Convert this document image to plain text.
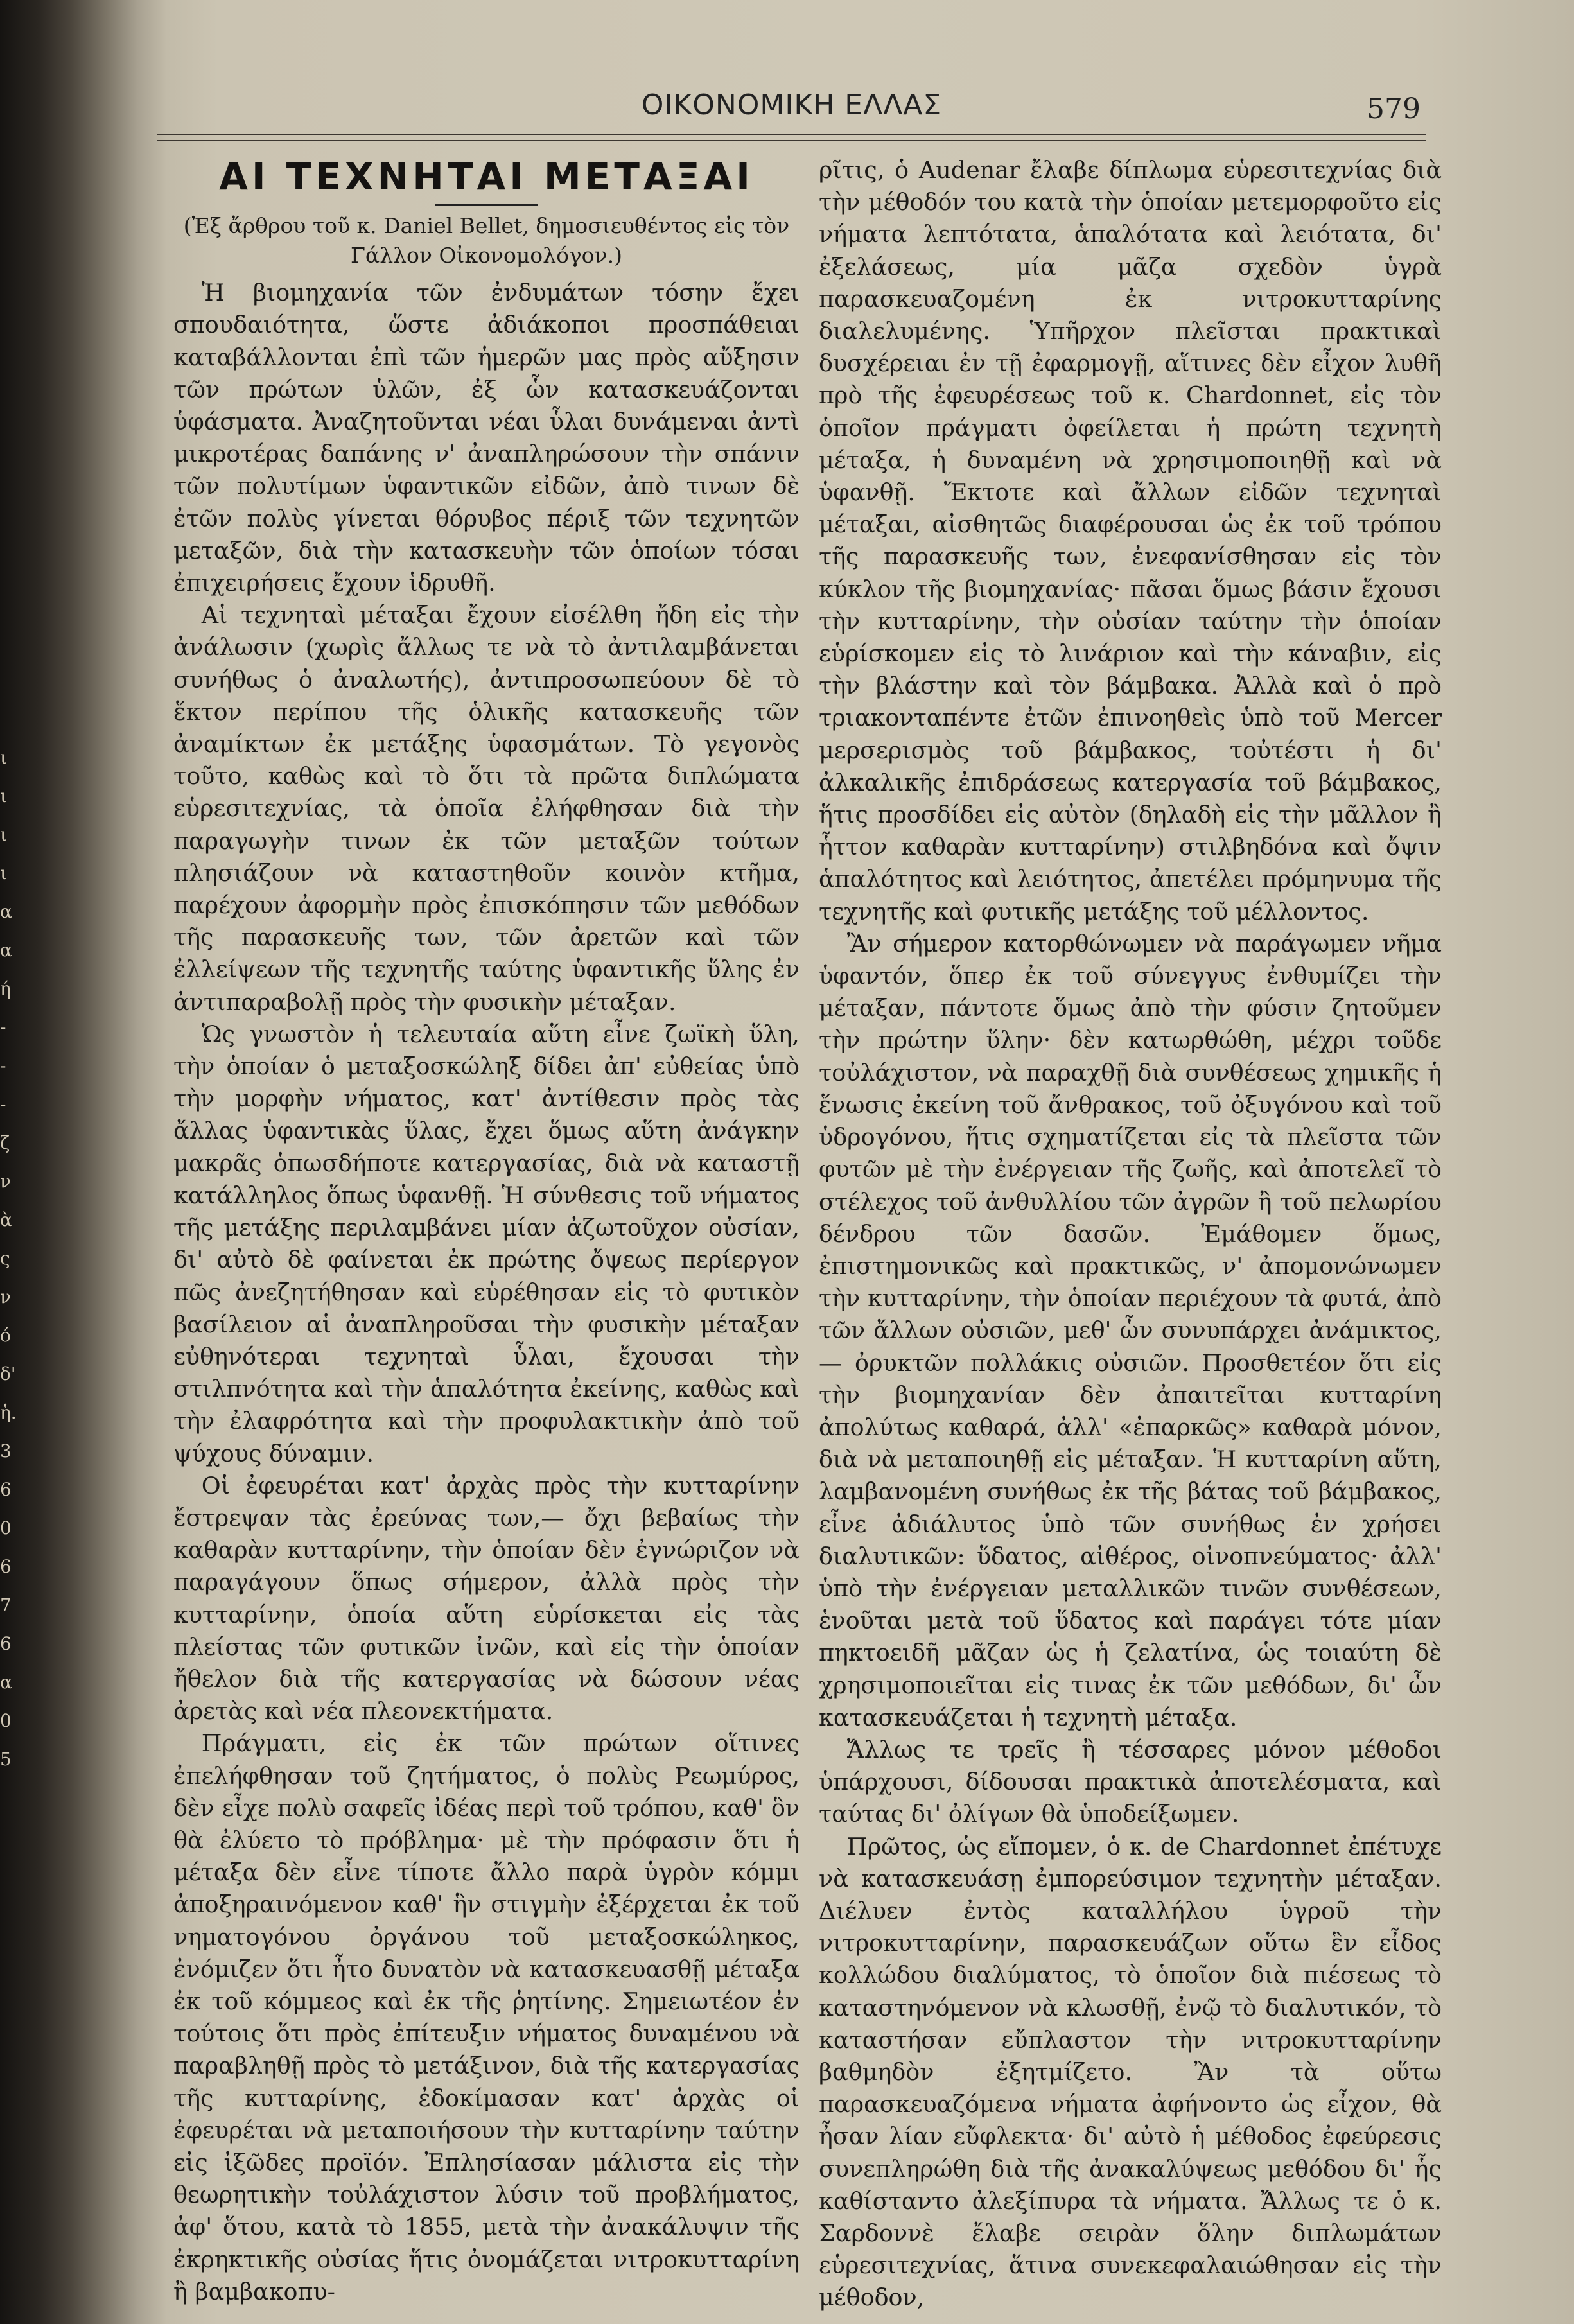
ι
ι
ι
ι
α
α
ή
-
-
-
ζ
ν
ὰ
ς
ν
ό
δ'
ἡ.
3
6
0
6
7
6
α
0
5
ΟΙΚΟΝΟΜΙΚΗ ΕΛΛΑΣ	579
ΑΙ ΤΕΧΝΗΤΑΙ ΜΕΤΑΞΑΙ
(Ἐξ ἄρθρου τοῦ κ. Daniel Bellet, δημοσιευθέντος εἰς τὸν Γάλλον Οἰκονομολόγον.)

Ἡ βιομηχανία τῶν ἐνδυμάτων τόσην ἔχει σπουδαιότητα, ὥστε ἀδιάκοποι προσπάθειαι καταβάλλονται ἐπὶ τῶν ἡμερῶν μας πρὸς αὔξησιν τῶν πρώτων ὑλῶν, ἐξ ὧν κατασκευάζονται ὑφάσματα. Ἀναζητοῦνται νέαι ὗλαι δυνάμεναι ἀντὶ μικροτέρας δαπάνης ν' ἀναπληρώσουν τὴν σπάνιν τῶν πολυτίμων ὑφαντικῶν εἰδῶν, ἀπὸ τινων δὲ ἐτῶν πολὺς γίνεται θόρυβος πέριξ τῶν τεχνητῶν μεταξῶν, διὰ τὴν κατασκευὴν τῶν ὁποίων τόσαι ἐπιχειρήσεις ἔχουν ἱδρυθῆ.

Αἱ τεχνηταὶ μέταξαι ἔχουν εἰσέλθη ἤδη εἰς τὴν ἀνάλωσιν (χωρὶς ἄλλως τε νὰ τὸ ἀντιλαμβάνεται συνήθως ὁ ἀναλωτής), ἀντιπροσωπεύουν δὲ τὸ ἕκτον περίπου τῆς ὁλικῆς κατασκευῆς τῶν ἀναμίκτων ἐκ μετάξης ὑφασμάτων. Τὸ γεγονὸς τοῦτο, καθὼς καὶ τὸ ὅτι τὰ πρῶτα διπλώματα εὑρεσιτεχνίας, τὰ ὁποῖα ἐλήφθησαν διὰ τὴν παραγωγὴν τινων ἐκ τῶν μεταξῶν τούτων πλησιάζουν νὰ καταστηθοῦν κοινὸν κτῆμα, παρέχουν ἀφορμὴν πρὸς ἐπισκόπησιν τῶν μεθόδων τῆς παρασκευῆς των, τῶν ἀρετῶν καὶ τῶν ἐλλείψεων τῆς τεχνητῆς ταύτης ὑφαντικῆς ὕλης ἐν ἀντιπαραβολῇ πρὸς τὴν φυσικὴν μέταξαν.

Ὡς γνωστὸν ἡ τελευταία αὕτη εἶνε ζωϊκὴ ὕλη, τὴν ὁποίαν ὁ μεταξοσκώληξ δίδει ἀπ' εὐθείας ὑπὸ τὴν μορφὴν νήματος, κατ' ἀντίθεσιν πρὸς τὰς ἄλλας ὑφαντικὰς ὕλας, ἔχει ὅμως αὕτη ἀνάγκην μακρᾶς ὁπωσδήποτε κατεργασίας, διὰ νὰ καταστῇ κατάλληλος ὅπως ὑφανθῇ. Ἡ σύνθεσις τοῦ νήματος τῆς μετάξης περιλαμβάνει μίαν ἀζωτοῦχον οὐσίαν, δι' αὐτὸ δὲ φαίνεται ἐκ πρώτης ὄψεως περίεργον πῶς ἀνεζητήθησαν καὶ εὑρέθησαν εἰς τὸ φυτικὸν βασίλειον αἱ ἀναπληροῦσαι τὴν φυσικὴν μέταξαν εὐθηνότεραι τεχνηταὶ ὗλαι, ἔχουσαι τὴν στιλπνότητα καὶ τὴν ἁπαλότητα ἐκείνης, καθὼς καὶ τὴν ἐλαφρότητα καὶ τὴν προφυλακτικὴν ἀπὸ τοῦ ψύχους δύναμιν.

Οἱ ἐφευρέται κατ' ἀρχὰς πρὸς τὴν κυτταρίνην ἔστρεψαν τὰς ἐρεύνας των,— ὄχι βεβαίως τὴν καθαρὰν κυτταρίνην, τὴν ὁποίαν δὲν ἐγνώριζον νὰ παραγάγουν ὅπως σήμερον, ἀλλὰ πρὸς τὴν κυτταρίνην, ὁποία αὕτη εὑρίσκεται εἰς τὰς πλείστας τῶν φυτικῶν ἰνῶν, καὶ εἰς τὴν ὁποίαν ἤθελον διὰ τῆς κατεργασίας νὰ δώσουν νέας ἀρετὰς καὶ νέα πλεονεκτήματα.

Πράγματι, εἰς ἐκ τῶν πρώτων οἵτινες ἐπελήφθησαν τοῦ ζητήματος, ὁ πολὺς Ρεωμύρος, δὲν εἶχε πολὺ σαφεῖς ἰδέας περὶ τοῦ τρόπου, καθ' ὃν θὰ ἐλύετο τὸ πρόβλημα· μὲ τὴν πρόφασιν ὅτι ἡ μέταξα δὲν εἶνε τίποτε ἄλλο παρὰ ὑγρὸν κόμμι ἀποξηραινόμενον καθ' ἣν στιγμὴν ἐξέρχεται ἐκ τοῦ νηματογόνου ὀργάνου τοῦ μεταξοσκώληκος, ἐνόμιζεν ὅτι ἦτο δυνατὸν νὰ κατασκευασθῇ μέταξα ἐκ τοῦ κόμμεος καὶ ἐκ τῆς ῥητίνης. Σημειωτέον ἐν τούτοις ὅτι πρὸς ἐπίτευξιν νήματος δυναμένου νὰ παραβληθῇ πρὸς τὸ μετάξινον, διὰ τῆς κατεργασίας τῆς κυτταρίνης, ἐδοκίμασαν κατ' ἀρχὰς οἱ ἐφευρέται νὰ μεταποιήσουν τὴν κυτταρίνην ταύτην εἰς ἰξῶδες προϊόν. Ἐπλησίασαν μάλιστα εἰς τὴν θεωρητικὴν τοὐλάχιστον λύσιν τοῦ προβλήματος, ἀφ' ὅτου, κατὰ τὸ 1855, μετὰ τὴν ἀνακάλυψιν τῆς ἐκρηκτικῆς οὐσίας ἥτις ὀνομάζεται νιτροκυτταρίνη ἢ βαμβακοπυ-

ρῖτις, ὁ Audenar ἔλαβε δίπλωμα εὑρεσιτεχνίας διὰ τὴν μέθοδόν του κατὰ τὴν ὁποίαν μετεμορφοῦτο εἰς νήματα λεπτότατα, ἁπαλότατα καὶ λειότατα, δι' ἐξελάσεως, μία μᾶζα σχεδὸν ὑγρὰ παρασκευαζομένη ἐκ νιτροκυτταρίνης διαλελυμένης. Ὑπῆρχον πλεῖσται πρακτικαὶ δυσχέρειαι ἐν τῇ ἐφαρμογῇ, αἵτινες δὲν εἶχον λυθῆ πρὸ τῆς ἐφευρέσεως τοῦ κ. Chardonnet, εἰς τὸν ὁποῖον πράγματι ὀφείλεται ἡ πρώτη τεχνητὴ μέταξα, ἡ δυναμένη νὰ χρησιμοποιηθῇ καὶ νὰ ὑφανθῇ. Ἔκτοτε καὶ ἄλλων εἰδῶν τεχνηταὶ μέταξαι, αἰσθητῶς διαφέρουσαι ὡς ἐκ τοῦ τρόπου τῆς παρασκευῆς των, ἐνεφανίσθησαν εἰς τὸν κύκλον τῆς βιομηχανίας· πᾶσαι ὅμως βάσιν ἔχουσι τὴν κυτταρίνην, τὴν οὐσίαν ταύτην τὴν ὁποίαν εὑρίσκομεν εἰς τὸ λινάριον καὶ τὴν κάναβιν, εἰς τὴν βλάστην καὶ τὸν βάμβακα. Ἀλλὰ καὶ ὁ πρὸ τριακονταπέντε ἐτῶν ἐπινοηθεὶς ὑπὸ τοῦ Mercer μερσερισμὸς τοῦ βάμβακος, τοὐτέστι ἡ δι' ἀλκαλικῆς ἐπιδράσεως κατεργασία τοῦ βάμβακος, ἥτις προσδίδει εἰς αὐτὸν (δηλαδὴ εἰς τὴν μᾶλλον ἢ ἧττον καθαρὰν κυτταρίνην) στιλβηδόνα καὶ ὄψιν ἁπαλότητος καὶ λειότητος, ἀπετέλει πρόμηνυμα τῆς τεχνητῆς καὶ φυτικῆς μετάξης τοῦ μέλλοντος.

Ἂν σήμερον κατορθώνωμεν νὰ παράγωμεν νῆμα ὑφαντόν, ὅπερ ἐκ τοῦ σύνεγγυς ἐνθυμίζει τὴν μέταξαν, πάντοτε ὅμως ἀπὸ τὴν φύσιν ζητοῦμεν τὴν πρώτην ὕλην· δὲν κατωρθώθη, μέχρι τοῦδε τοὐλάχιστον, νὰ παραχθῇ διὰ συνθέσεως χημικῆς ἡ ἕνωσις ἐκείνη τοῦ ἄνθρακος, τοῦ ὀξυγόνου καὶ τοῦ ὑδρογόνου, ἥτις σχηματίζεται εἰς τὰ πλεῖστα τῶν φυτῶν μὲ τὴν ἐνέργειαν τῆς ζωῆς, καὶ ἀποτελεῖ τὸ στέλεχος τοῦ ἀνθυλλίου τῶν ἀγρῶν ἢ τοῦ πελωρίου δένδρου τῶν δασῶν. Ἐμάθομεν ὅμως, ἐπιστημονικῶς καὶ πρακτικῶς, ν' ἀπομονώνωμεν τὴν κυτταρίνην, τὴν ὁποίαν περιέχουν τὰ φυτά, ἀπὸ τῶν ἄλλων οὐσιῶν, μεθ' ὧν συνυπάρχει ἀνάμικτος,— ὀρυκτῶν πολλάκις οὐσιῶν. Προσθετέον ὅτι εἰς τὴν βιομηχανίαν δὲν ἀπαιτεῖται κυτταρίνη ἀπολύτως καθαρά, ἀλλ' «ἐπαρκῶς» καθαρὰ μόνον, διὰ νὰ μεταποιηθῇ εἰς μέταξαν. Ἡ κυτταρίνη αὕτη, λαμβανομένη συνήθως ἐκ τῆς βάτας τοῦ βάμβακος, εἶνε ἀδιάλυτος ὑπὸ τῶν συνήθως ἐν χρήσει διαλυτικῶν: ὕδατος, αἰθέρος, οἰνοπνεύματος· ἀλλ' ὑπὸ τὴν ἐνέργειαν μεταλλικῶν τινῶν συνθέσεων, ἑνοῦται μετὰ τοῦ ὕδατος καὶ παράγει τότε μίαν πηκτοειδῆ μᾶζαν ὡς ἡ ζελατίνα, ὡς τοιαύτη δὲ χρησιμοποιεῖται εἰς τινας ἐκ τῶν μεθόδων, δι' ὧν κατασκευάζεται ἡ τεχνητὴ μέταξα.

Ἄλλως τε τρεῖς ἢ τέσσαρες μόνον μέθοδοι ὑπάρχουσι, δίδουσαι πρακτικὰ ἀποτελέσματα, καὶ ταύτας δι' ὀλίγων θὰ ὑποδείξωμεν.

Πρῶτος, ὡς εἴπομεν, ὁ κ. de Chardonnet ἐπέτυχε νὰ κατασκευάσῃ ἐμπορεύσιμον τεχνητὴν μέταξαν. Διέλυεν ἐντὸς καταλλήλου ὑγροῦ τὴν νιτροκυτταρίνην, παρασκευάζων οὕτω ἓν εἶδος κολλώδου διαλύματος, τὸ ὁποῖον διὰ πιέσεως τὸ καταστηνόμενον νὰ κλωσθῇ, ἐνῷ τὸ διαλυτικόν, τὸ καταστήσαν εὔπλαστον τὴν νιτροκυτταρίνην βαθμηδὸν ἐξητμίζετο. Ἂν τὰ οὕτω παρασκευαζόμενα νήματα ἀφήνοντο ὡς εἶχον, θὰ ἦσαν λίαν εὔφλεκτα· δι' αὐτὸ ἡ μέθοδος ἐφεύρεσις συνεπληρώθη διὰ τῆς ἀνακαλύψεως μεθόδου δι' ἧς καθίσταντο ἀλεξίπυρα τὰ νήματα. Ἄλλως τε ὁ κ. Σαρδοννὲ ἔλαβε σειρὰν ὅλην διπλωμάτων εὑρεσιτεχνίας, ἅτινα συνεκεφαλαιώθησαν εἰς τὴν μέθοδον,
